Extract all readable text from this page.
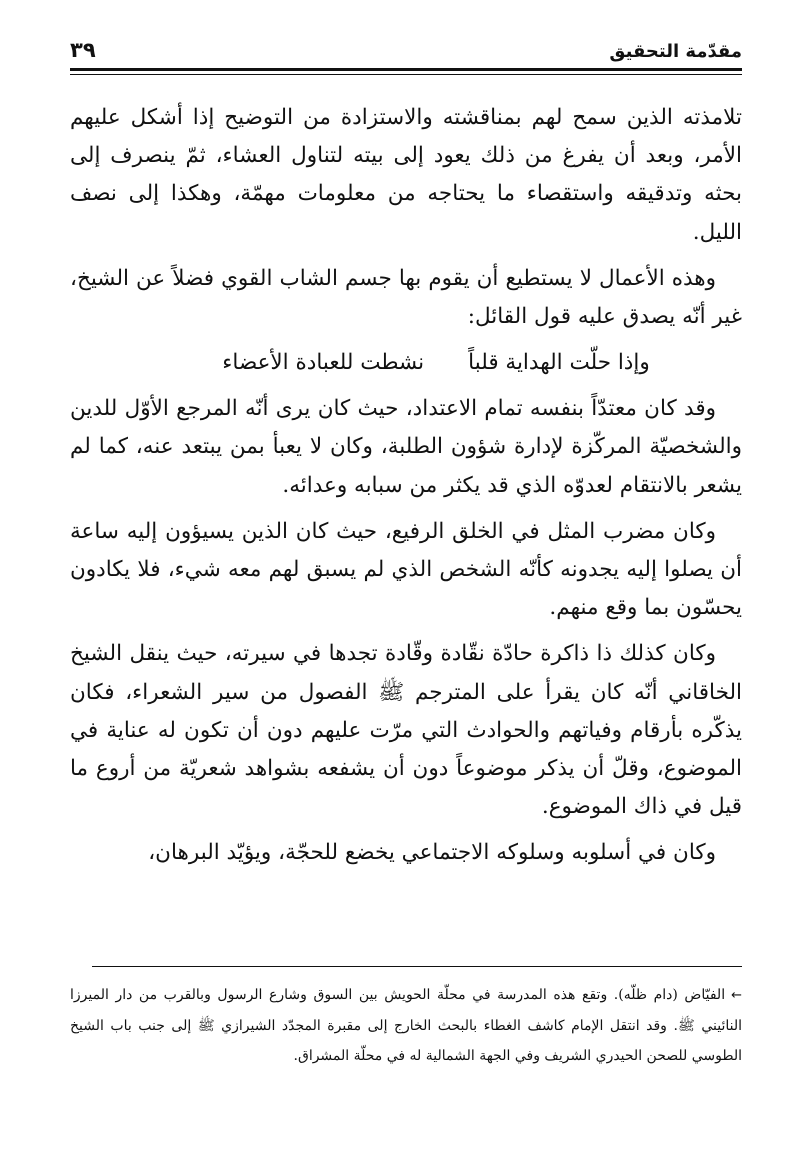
مقدّمة التحقيق
٣٩

تلامذته الذين سمح لهم بمناقشته والاستزادة من التوضيح إذا أشكل عليهم الأمر، وبعد أن يفرغ من ذلك يعود إلى بيته لتناول العشاء، ثمّ ينصرف إلى بحثه وتدقيقه واستقصاء ما يحتاجه من معلومات مهمّة، وهكذا إلى نصف الليل.

وهذه الأعمال لا يستطيع أن يقوم بها جسم الشاب القوي فضلاً عن الشيخ، غير أنّه يصدق عليه قول القائل:

وإذا حلّت الهداية قلباً
نشطت للعبادة الأعضاء

وقد كان معتدّاً بنفسه تمام الاعتداد، حيث كان يرى أنّه المرجع الأوّل للدين والشخصيّة المركّزة لإدارة شؤون الطلبة، وكان لا يعبأ بمن يبتعد عنه، كما لم يشعر بالانتقام لعدوّه الذي قد يكثر من سبابه وعدائه.

وكان مضرب المثل في الخلق الرفيع، حيث كان الذين يسيؤون إليه ساعة أن يصلوا إليه يجدونه كأنّه الشخص الذي لم يسبق لهم معه شيء، فلا يكادون يحسّون بما وقع منهم.

وكان كذلك ذا ذاكرة حادّة نقّادة وقّادة تجدها في سيرته، حيث ينقل الشيخ الخاقاني أنّه كان يقرأ على المترجم ﷺ الفصول من سير الشعراء، فكان يذكّره بأرقام وفياتهم والحوادث التي مرّت عليهم دون أن تكون له عناية في الموضوع، وقلّ أن يذكر موضوعاً دون أن يشفعه بشواهد شعريّة من أروع ما قيل في ذاك الموضوع.

وكان في أسلوبه وسلوكه الاجتماعي يخضع للحجّة، ويؤيّد البرهان،

←الفيّاض (دام ظلّه). وتقع هذه المدرسة في محلّة الحويش بين السوق وشارع الرسول وبالقرب من دار الميرزا النائيني ﷺ. وقد انتقل الإمام كاشف الغطاء بالبحث الخارج إلى مقبرة المجدّد الشيرازي ﷺ إلى جنب باب الشيخ الطوسي للصحن الحيدري الشريف وفي الجهة الشمالية له في محلّة المشراق.
